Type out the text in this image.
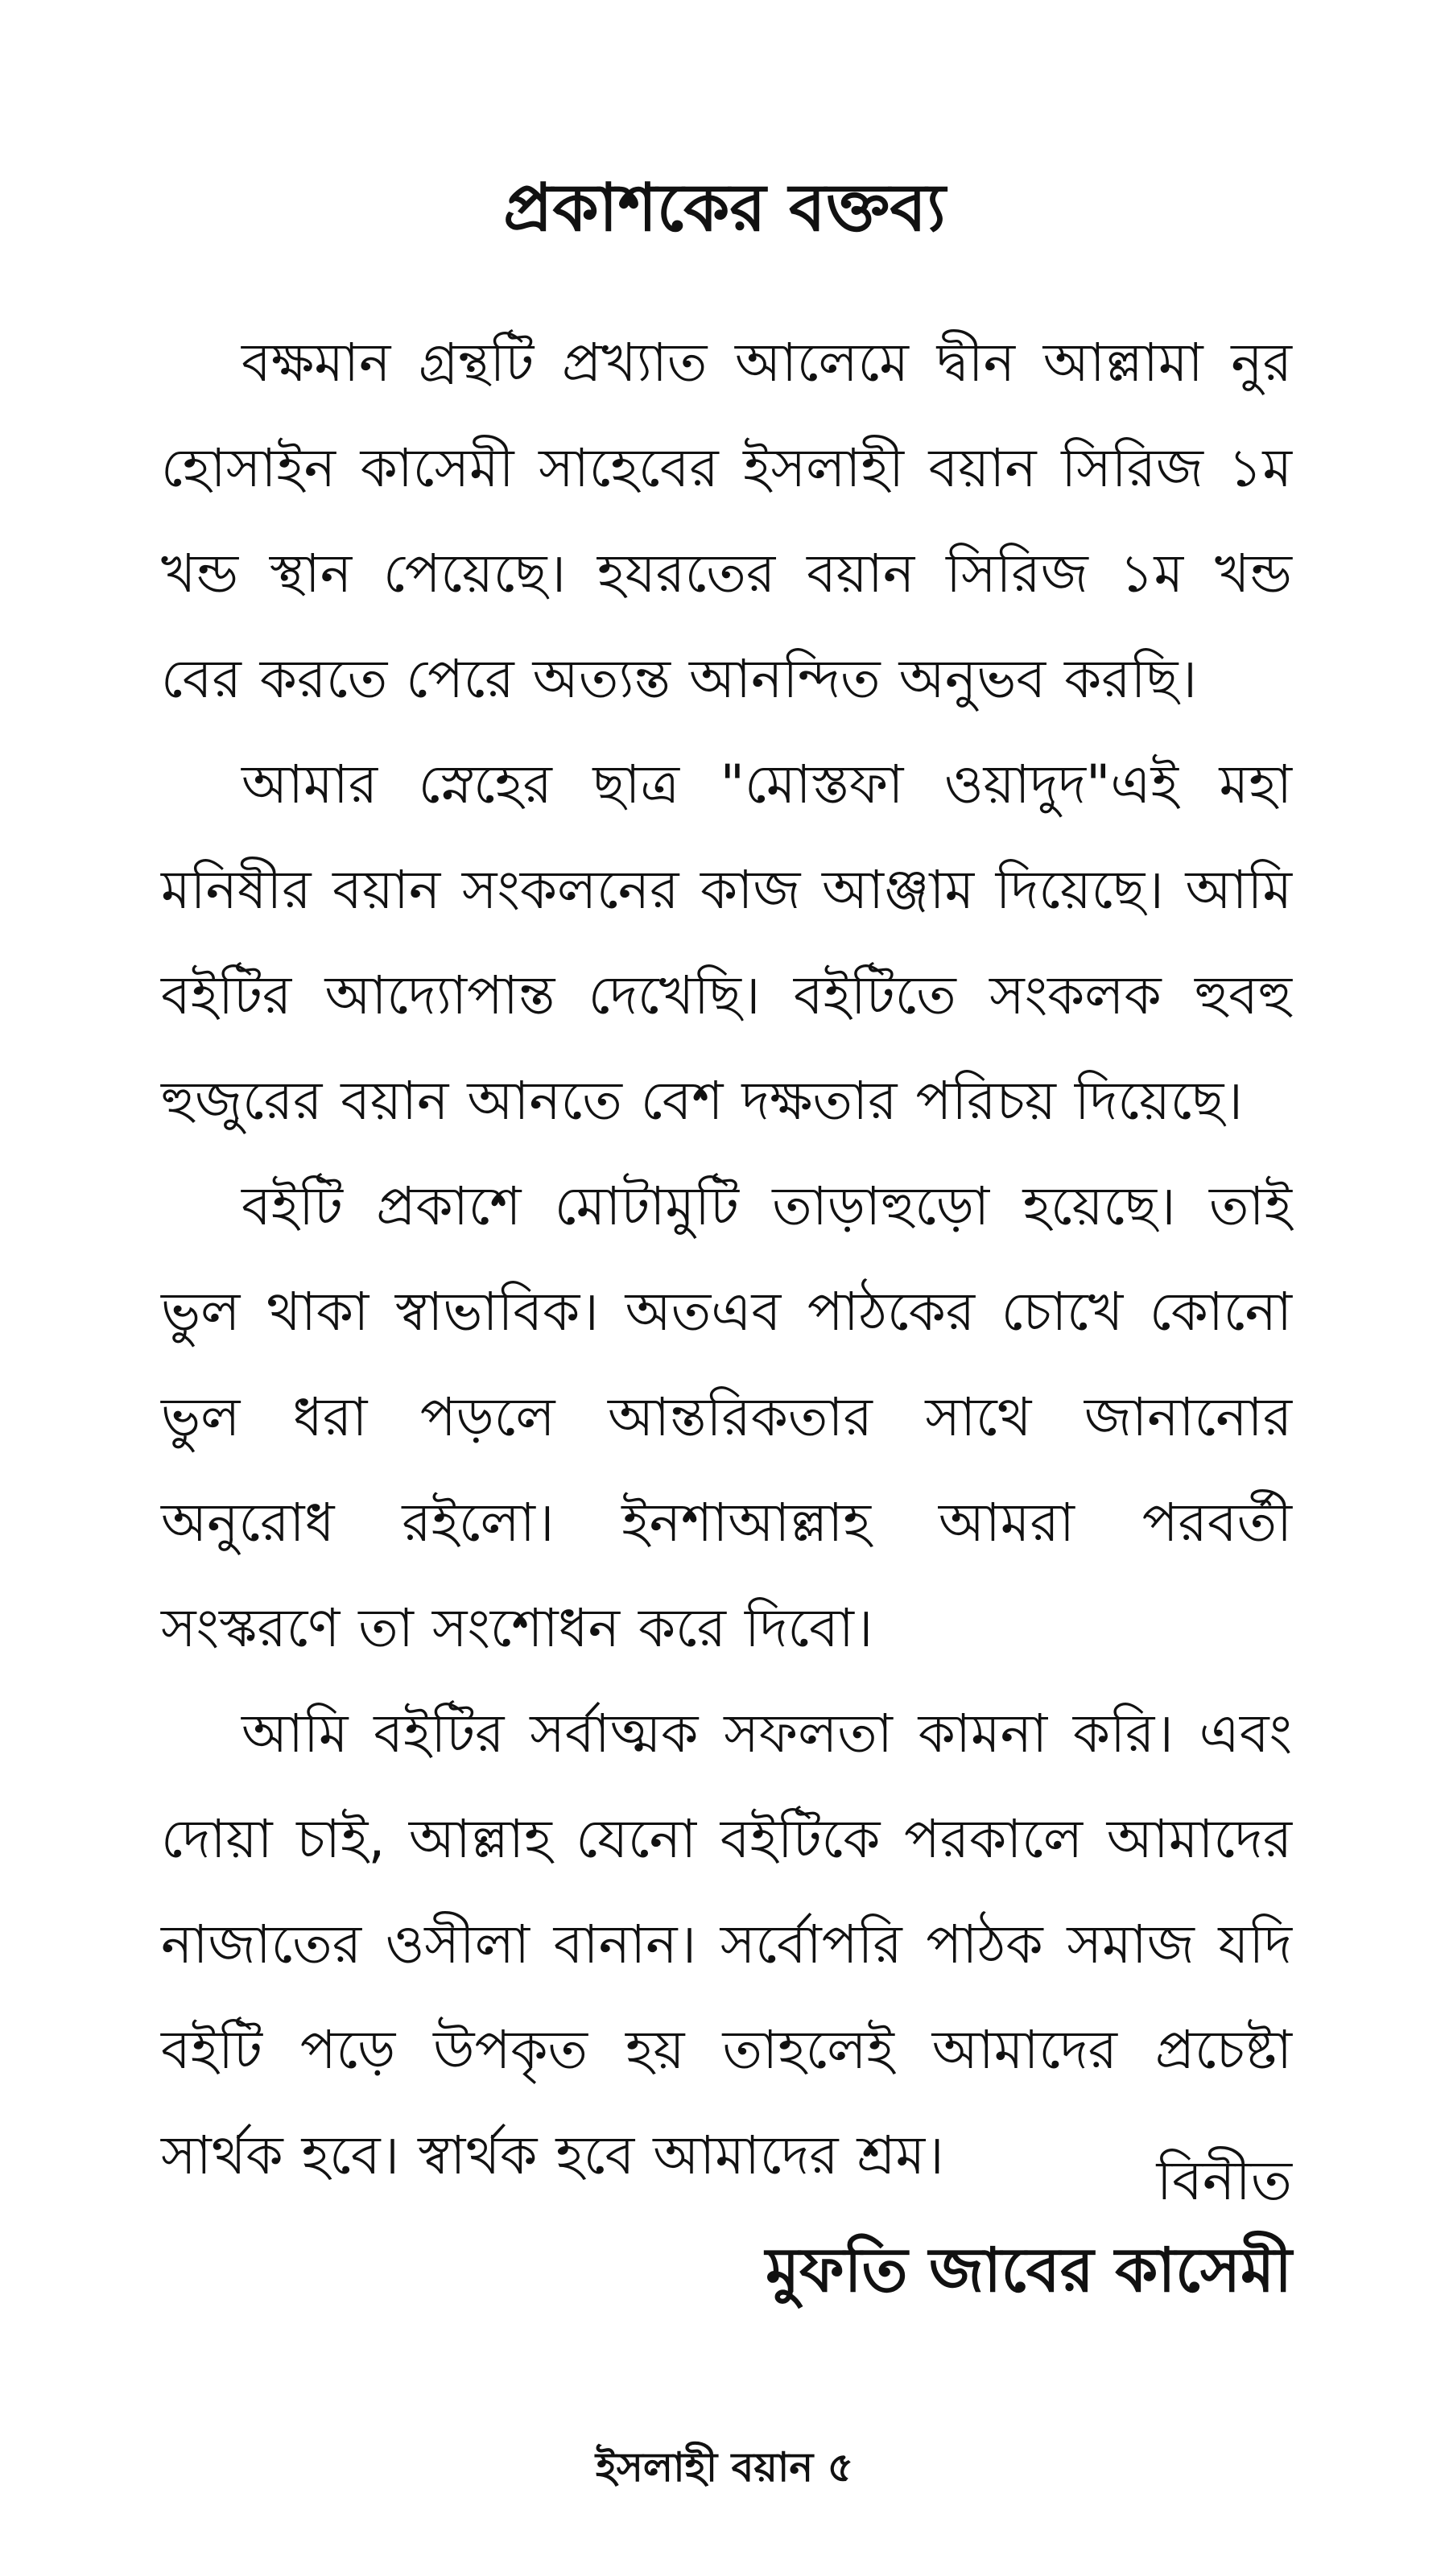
প্রকাশকের বক্তব্য

বক্ষমান গ্রন্থটি প্রখ্যাত আলেমে দ্বীন আল্লামা নুর হোসাইন কাসেমী সাহেবের ইসলাহী বয়ান সিরিজ ১ম খন্ড স্থান পেয়েছে। হযরতের বয়ান সিরিজ ১ম খন্ড বের করতে পেরে অত্যন্ত আনন্দিত অনুভব করছি।

আমার স্নেহের ছাত্র "মোস্তফা ওয়াদুদ"এই মহা মনিষীর বয়ান সংকলনের কাজ আঞ্জাম দিয়েছে। আমি বইটির আদ্যোপান্ত দেখেছি। বইটিতে সংকলক হুবহু হুজুরের বয়ান আনতে বেশ দক্ষতার পরিচয় দিয়েছে।

বইটি প্রকাশে মোটামুটি তাড়াহুড়ো হয়েছে। তাই ভুল থাকা স্বাভাবিক। অতএব পাঠকের চোখে কোনো ভুল ধরা পড়লে আন্তরিকতার সাথে জানানোর অনুরোধ রইলো। ইনশাআল্লাহ আমরা পরবর্তী সংস্করণে তা সংশোধন করে দিবো।

আমি বইটির সর্বাত্মক সফলতা কামনা করি। এবং দোয়া চাই, আল্লাহ যেনো বইটিকে পরকালে আমাদের নাজাতের ওসীলা বানান। সর্বোপরি পাঠক সমাজ যদি বইটি পড়ে উপকৃত হয় তাহলেই আমাদের প্রচেষ্টা সার্থক হবে। স্বার্থক হবে আমাদের শ্রম।	বিনীত
মুফতি জাবের কাসেমী
ইসলাহী বয়ান ৫
